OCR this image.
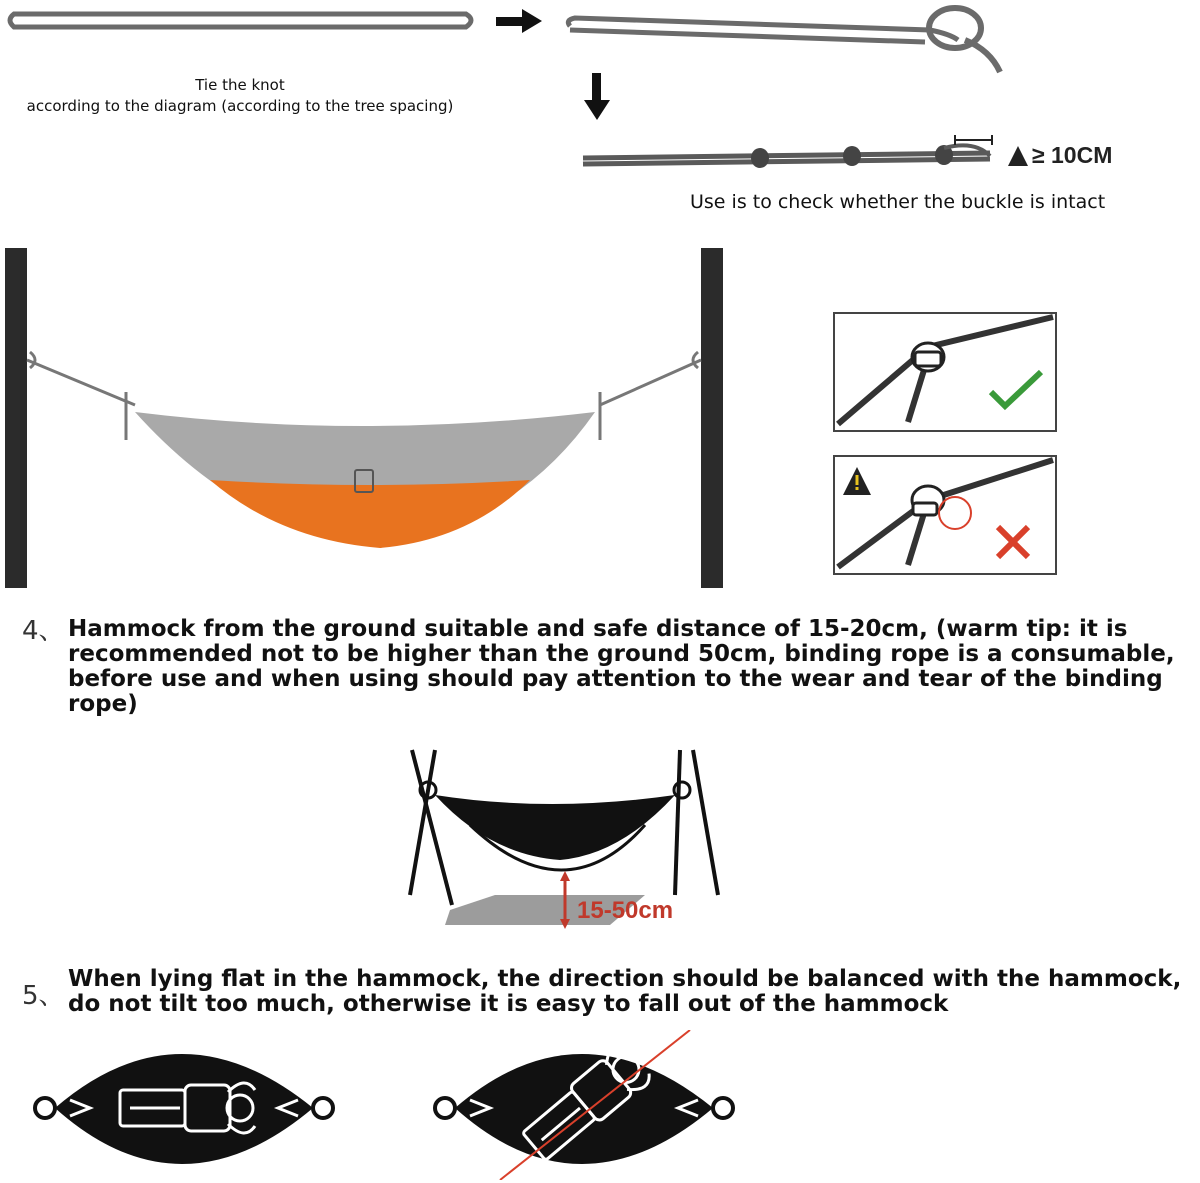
Tie the knot
according to the diagram (according to the tree spacing)
≥ 10CM
Use is to check whether the buckle is intact
4、 Hammock from the ground suitable and safe distance of 15-20cm, (warm tip: it is recommended not to be higher than the ground 50cm, binding rope is a consumable, before use and when using should pay attention to the wear and tear of the binding rope)
15-50cm
5、
When lying flat in the hammock, the direction should be balanced with the hammock, do not tilt too much, otherwise it is easy to fall out of the hammock
